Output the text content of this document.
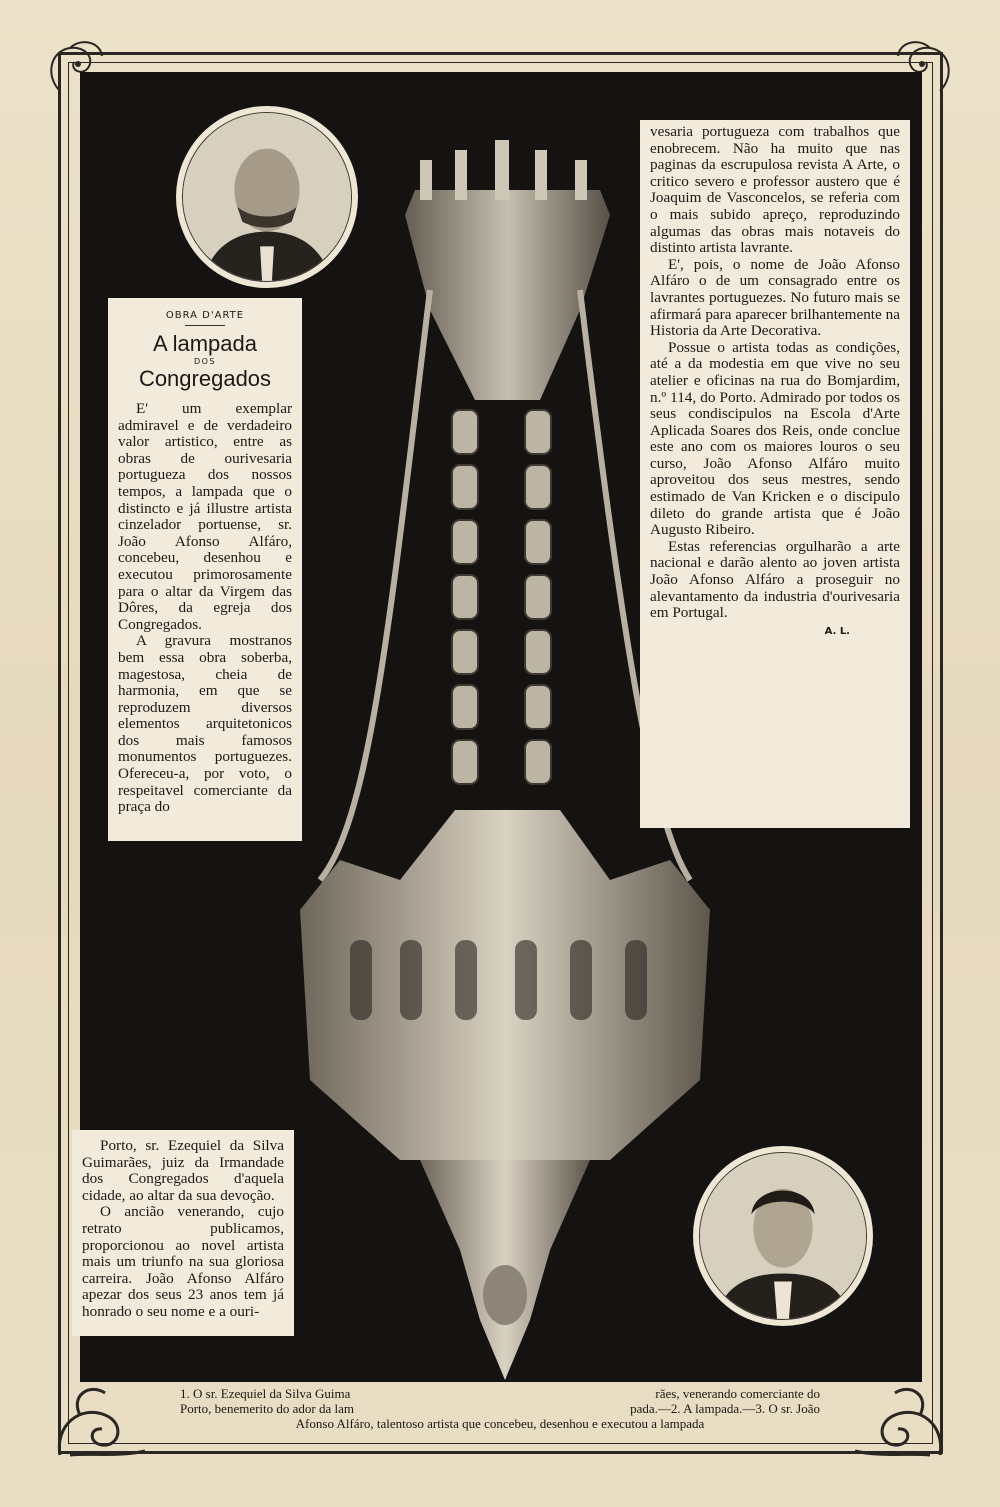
OBRA D'ARTE

A lampada

DOS

Congregados

E' um exemplar admiravel e de verdadeiro valor artistico, entre as obras de ourivesaria portugueza dos nossos tempos, a lampada que o distincto e já illustre artista cinzelador portuense, sr. João Afonso Alfáro, concebeu, desenhou e executou primorosamente para o altar da Virgem das Dôres, da egreja dos Congregados.

A gravura mostranos bem essa obra soberba, magestosa, cheia de harmonia, em que se reproduzem diversos elementos arquitetonicos dos mais famosos monumentos portuguezes. Ofereceu-a, por voto, o respeitavel comerciante da praça do

Porto, sr. Ezequiel da Silva Guimarães, juiz da Irmandade dos Congregados d'aquela cidade, ao altar da sua devoção.

O ancião venerando, cujo retrato publicamos, proporcionou ao novel artista mais um triunfo na sua gloriosa carreira. João Afonso Alfáro apezar dos seus 23 anos tem já honrado o seu nome e a ouri-

vesaria portugueza com trabalhos que enobrecem. Não ha muito que nas paginas da escrupulosa revista A Arte, o critico severo e professor austero que é Joaquim de Vasconcelos, se referia com o mais subido apreço, reproduzindo algumas das obras mais notaveis do distinto artista lavrante.

E', pois, o nome de João Afonso Alfáro o de um consagrado entre os lavrantes portuguezes. No futuro mais se afirmará para aparecer brilhantemente na Historia da Arte Decorativa.

Possue o artista todas as condições, até a da modestia em que vive no seu atelier e oficinas na rua do Bomjardim, n.º 114, do Porto. Admirado por todos os seus condiscipulos na Escola d'Arte Aplicada Soares dos Reis, onde conclue este ano com os maiores louros o seu curso, João Afonso Alfáro muito aproveitou dos seus mestres, sendo estimado de Van Kricken e o discipulo dileto do grande artista que é João Augusto Ribeiro.

Estas referencias orgulharão a arte nacional e darão alento ao joven artista João Afonso Alfáro a proseguir no alevantamento da industria d'ourivesaria em Portugal.

A. L.

1. O sr. Ezequiel da Silva Guima	rães, venerando comerciante do
Porto, benemerito do ador da lam	pada.—2. A lampada.—3. O sr. João
Afonso Alfáro, talentoso artista que concebeu, desenhou e executou a lampada
